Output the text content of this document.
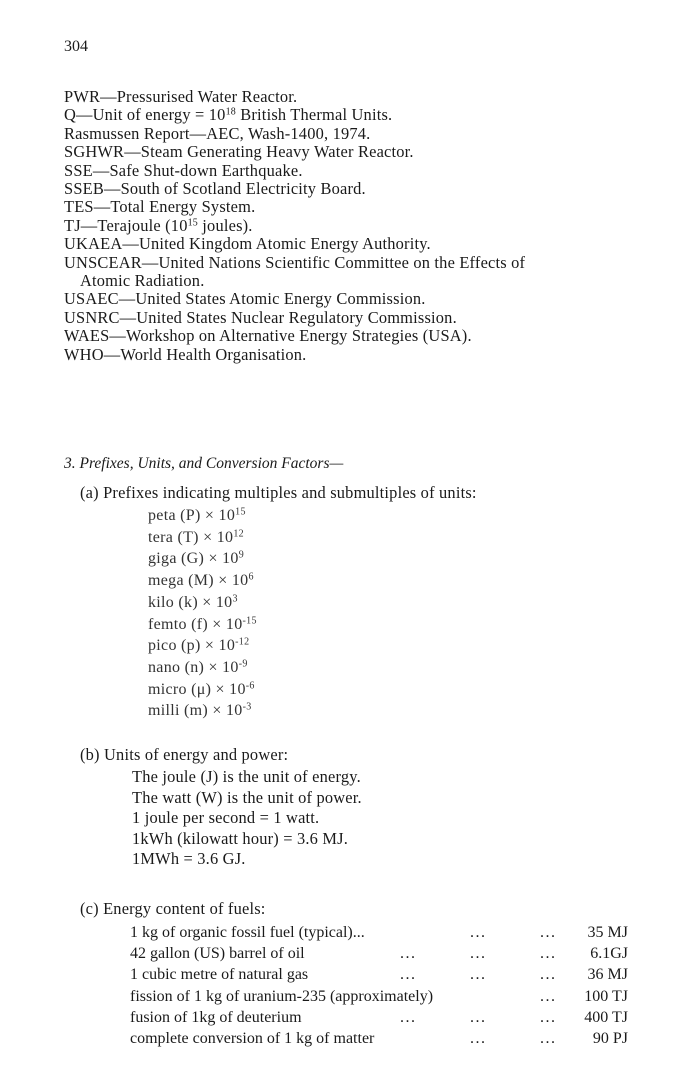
304
PWR—Pressurised Water Reactor.
Q—Unit of energy = $10^{18}$ British Thermal Units.
Rasmussen Report—AEC, Wash-1400, 1974.
SGHWR—Steam Generating Heavy Water Reactor.
SSE—Safe Shut-down Earthquake.
SSEB—South of Scotland Electricity Board.
TES—Total Energy System.
TJ—Terajoule ($10^{15}$ joules).
UKAEA—United Kingdom Atomic Energy Authority.
UNSCEAR—United Nations Scientific Committee on the Effects of
Atomic Radiation.
USAEC—United States Atomic Energy Commission.
USNRC—United States Nuclear Regulatory Commission.
WAES—Workshop on Alternative Energy Strategies (USA).
WHO—World Health Organisation.
3. Prefixes, Units, and Conversion Factors—
(a) Prefixes indicating multiples and submultiples of units:
peta $(P) \times 10^{15}$
tera $(T) \times 10^{12}$
giga $(G) \times 10^9$
mega $(M) \times 10^6$
kilo $(k) \times 10^3$
femto $(f) \times 10^{-15}$
pico $(p) \times 10^{-12}$
nano $(n) \times 10^{-9}$
micro $(\mu) \times 10^{-6}$
milli $(m) \times 10^{-3}$
(b) Units of energy and power:
The joule (J) is the unit of energy.
The watt (W) is the unit of power.
1 joule per second = 1 watt.
1kWh (kilowatt hour) = 3.6 MJ.
1MWh = 3.6 GJ.
(c) Energy content of fuels:
1 kg of organic fossil fuel (typical)...	...	... 35 MJ
42 gallon (US) barrel of oil	...	...	... 6.1GJ
1 cubic metre of natural gas	...	...	... 36 MJ
fission of 1 kg of uranium-235 (approximately)	... 100 TJ
fusion of 1kg of deuterium	...	...	... 400 TJ
complete conversion of 1 kg of matter	...	... 90 PJ
